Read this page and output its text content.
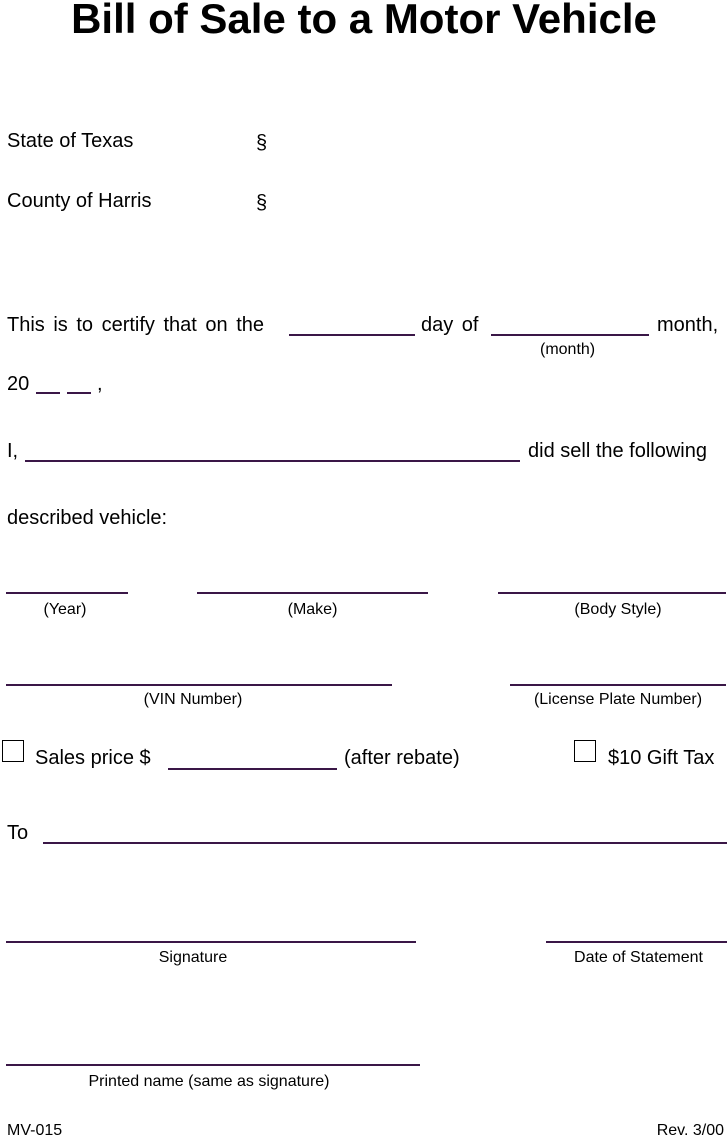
Bill of Sale to a Motor Vehicle
State of Texas	§
County of Harris	§
This is to certify that on the	day of	month,
(month)
20	,
I,	did sell the following
described vehicle:
(Year)	(Make)	(Body Style)
(VIN Number)	(License Plate Number)
Sales price $	(after rebate)	$10 Gift Tax
To
Signature	Date of Statement
Printed name (same as signature)
MV-015	Rev. 3/00
